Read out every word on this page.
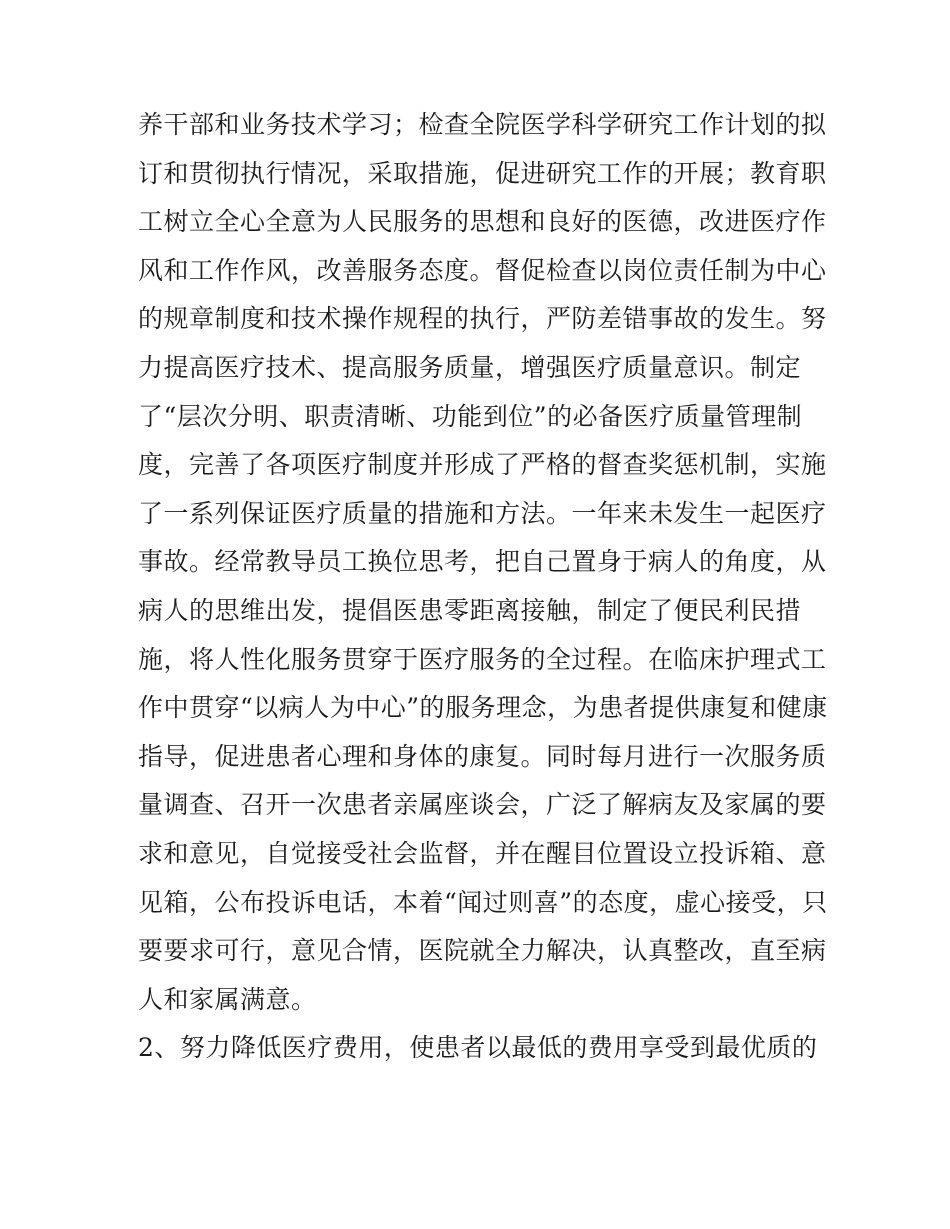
养干部和业务技术学习；检查全院医学科学研究工作计划的拟
订和贯彻执行情况，采取措施，促进研究工作的开展；教育职
工树立全心全意为人民服务的思想和良好的医德，改进医疗作
风和工作作风，改善服务态度。督促检查以岗位责任制为中心
的规章制度和技术操作规程的执行，严防差错事故的发生。努
力提高医疗技术、提高服务质量，增强医疗质量意识。制定
了“层次分明、职责清晰、功能到位”的必备医疗质量管理制
度，完善了各项医疗制度并形成了严格的督查奖惩机制，实施
了一系列保证医疗质量的措施和方法。一年来未发生一起医疗
事故。经常教导员工换位思考，把自己置身于病人的角度，从
病人的思维出发，提倡医患零距离接触，制定了便民利民措
施，将人性化服务贯穿于医疗服务的全过程。在临床护理式工
作中贯穿“以病人为中心”的服务理念，为患者提供康复和健康
指导，促进患者心理和身体的康复。同时每月进行一次服务质
量调查、召开一次患者亲属座谈会，广泛了解病友及家属的要
求和意见，自觉接受社会监督，并在醒目位置设立投诉箱、意
见箱，公布投诉电话，本着“闻过则喜”的态度，虚心接受，只
要要求可行，意见合情，医院就全力解决，认真整改，直至病
人和家属满意。
2、努力降低医疗费用，使患者以最低的费用享受到最优质的
